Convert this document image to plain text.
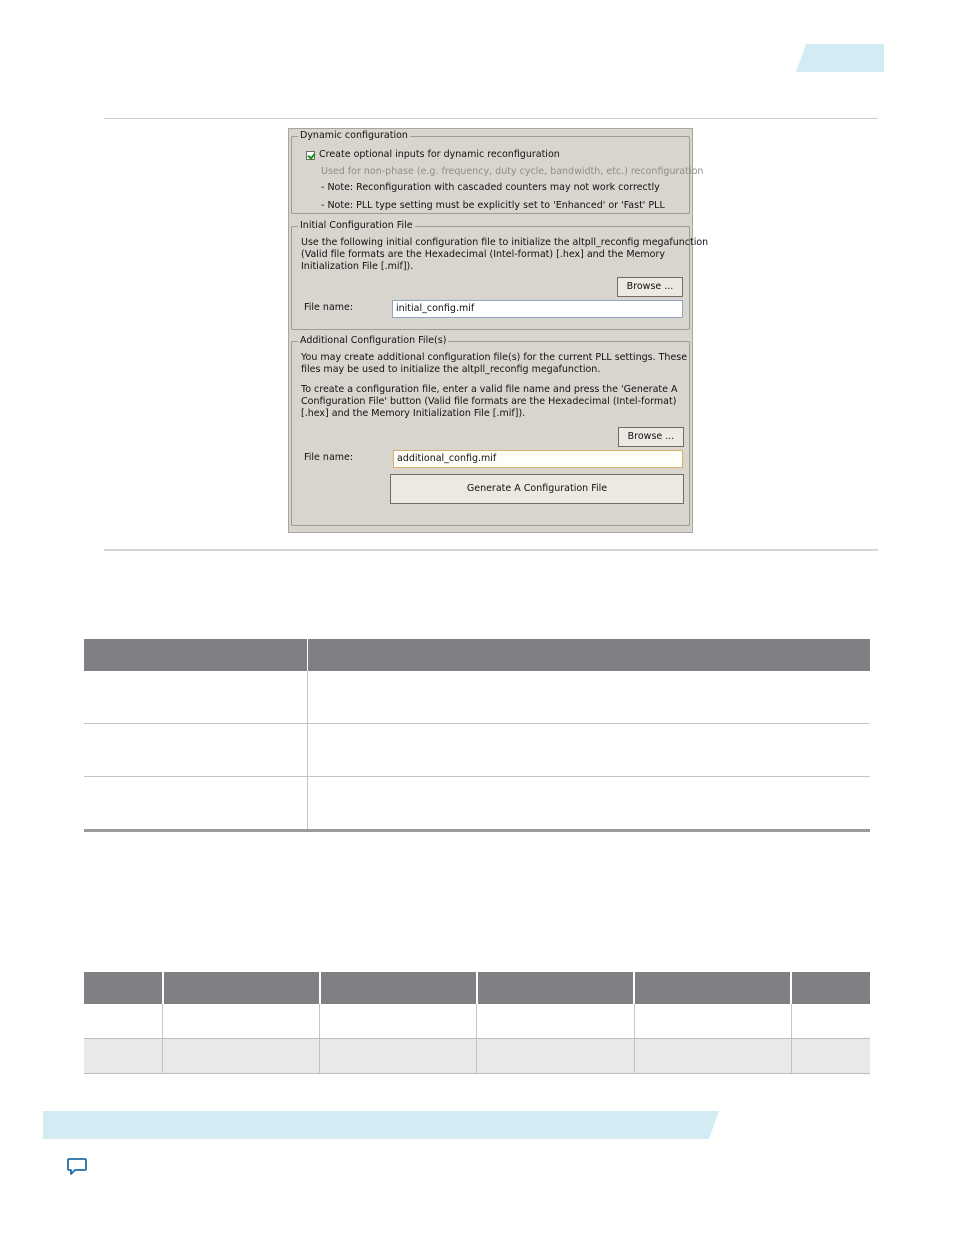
Dynamic configuration
Create optional inputs for dynamic reconfiguration
Used for non-phase (e.g. frequency, duty cycle, bandwidth, etc.) reconfiguration
- Note: Reconfiguration with cascaded counters may not work correctly
- Note: PLL type setting must be explicitly set to 'Enhanced' or 'Fast' PLL
Initial Configuration File
Use the following initial configuration file to initialize the altpll_reconfig megafunction
(Valid file formats are the Hexadecimal (Intel-format) [.hex] and the Memory
Initialization File [.mif]).
Browse ...
File name:	initial_config.mif
Additional Configuration File(s)
You may create additional configuration file(s) for the current PLL settings. These
files may be used to initialize the altpll_reconfig megafunction.
To create a configuration file, enter a valid file name and press the 'Generate A
Configuration File' button (Valid file formats are the Hexadecimal (Intel-format)
[.hex] and the Memory Initialization File [.mif]).
Browse ...
File name:	additional_config.mif
Generate A Configuration File
